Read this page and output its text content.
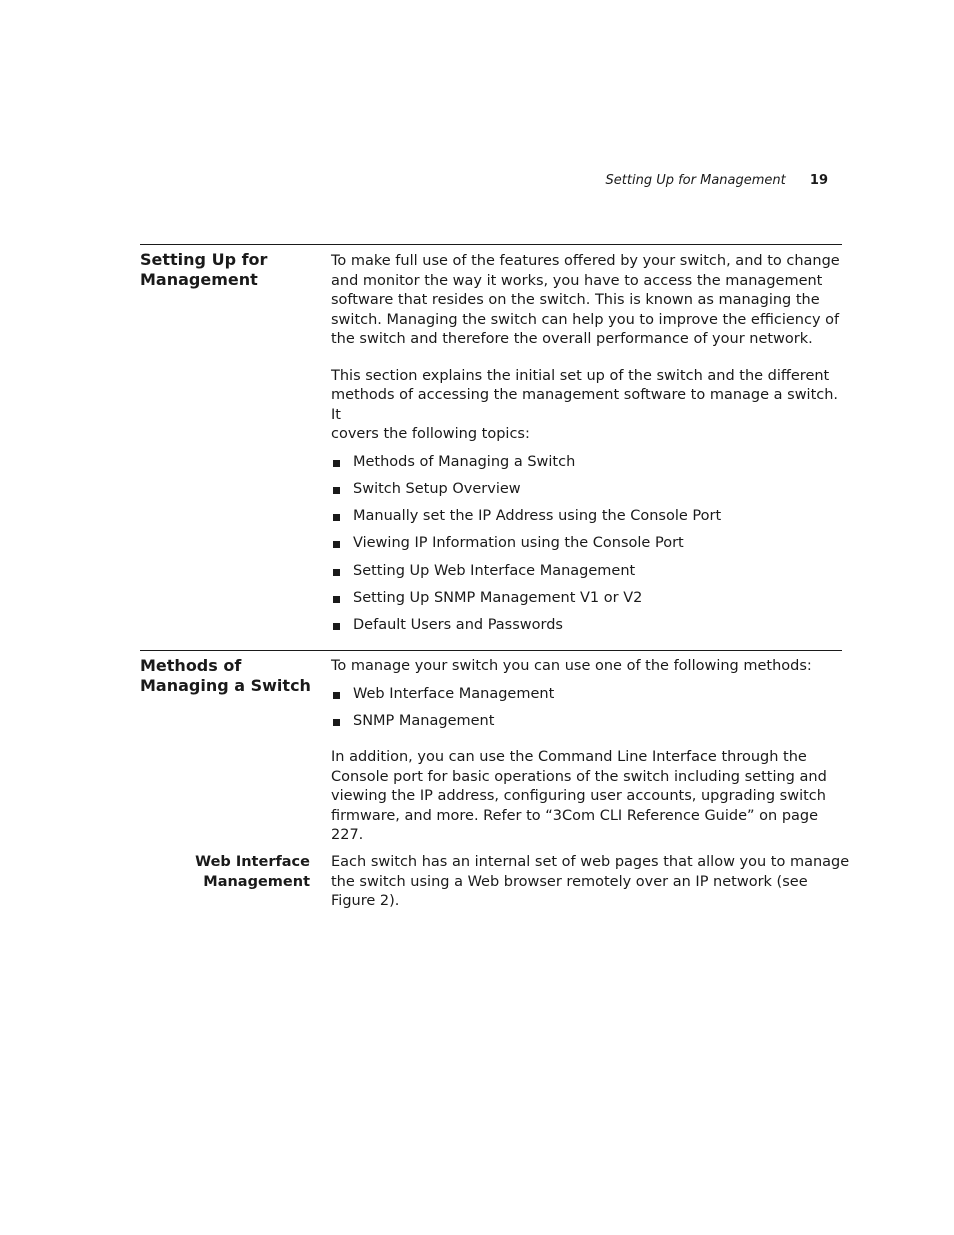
Setting Up for Management 19
Setting Up for
Management

To make full use of the features offered by your switch, and to change
and monitor the way it works, you have to access the management
software that resides on the switch. This is known as managing the
switch. Managing the switch can help you to improve the efficiency of
the switch and therefore the overall performance of your network.

This section explains the initial set up of the switch and the different
methods of accessing the management software to manage a switch. It
covers the following topics:

Methods of Managing a Switch
Switch Setup Overview
Manually set the IP Address using the Console Port
Viewing IP Information using the Console Port
Setting Up Web Interface Management
Setting Up SNMP Management V1 or V2
Default Users and Passwords
Methods of
Managing a Switch

To manage your switch you can use one of the following methods:

Web Interface Management
SNMP Management

In addition, you can use the Command Line Interface through the
Console port for basic operations of the switch including setting and
viewing the IP address, configuring user accounts, upgrading switch
firmware, and more. Refer to “3Com CLI Reference Guide” on page 227.

Web Interface
Management

Each switch has an internal set of web pages that allow you to manage
the switch using a Web browser remotely over an IP network (see
Figure 2).
